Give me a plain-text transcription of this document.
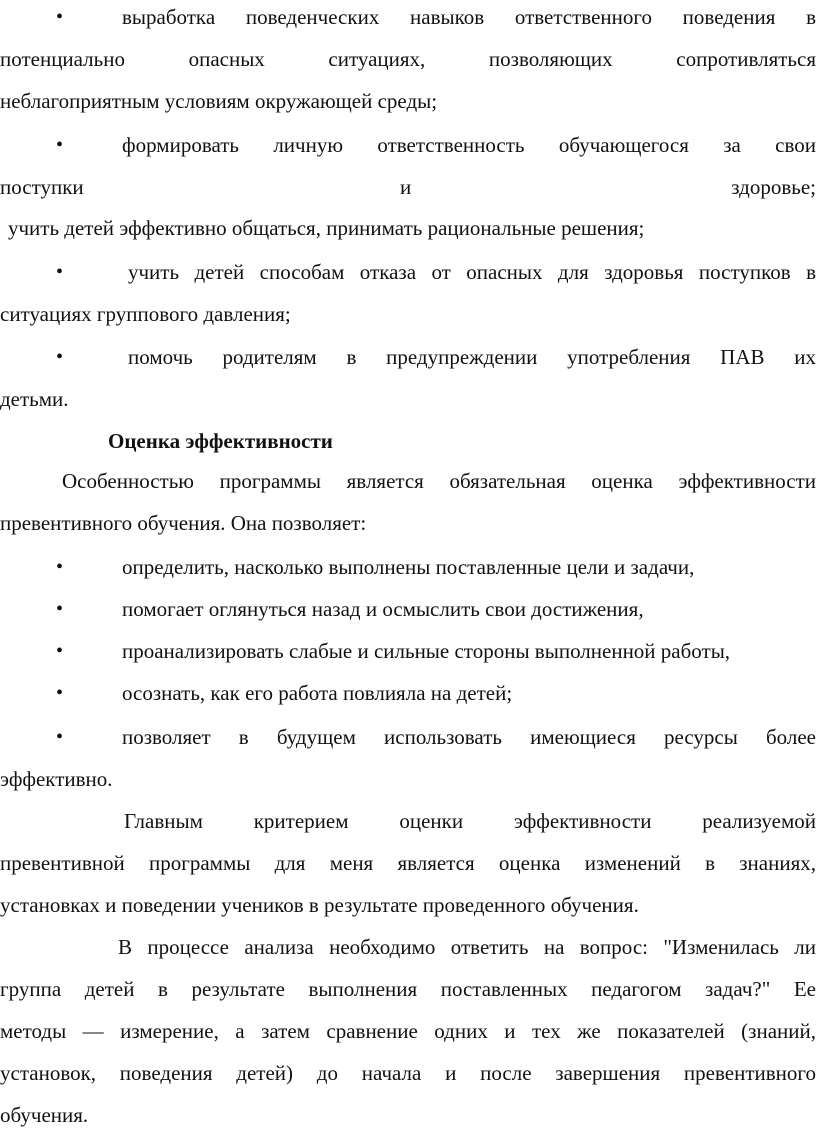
•	выработка поведенческих навыков ответственного поведения в
потенциально опасных ситуациях, позволяющих сопротивляться
неблагоприятным условиям окружающей среды;
•	формировать личную ответственность обучающегося за свои
поступки	и	здоровье;
учить детей эффективно общаться, принимать рациональные решения;
•	учить детей способам отказа от опасных для здоровья поступков в
ситуациях группового давления;
•	помочь родителям в предупреждении употребления ПАВ их
детьми.
Оценка эффективности
Особенностью программы является обязательная оценка эффективности
превентивного обучения. Она позволяет:
•	определить, насколько выполнены поставленные цели и задачи,
•	помогает оглянуться назад и осмыслить свои достижения,
•	проанализировать слабые и сильные стороны выполненной работы,
•	осознать, как его работа повлияла на детей;
•	позволяет в будущем использовать имеющиеся ресурсы более
эффективно.
Главным критерием оценки эффективности реализуемой
превентивной программы для меня является оценка изменений в знаниях,
установках и поведении учеников в результате проведенного обучения.
В процессе анализа необходимо ответить на вопрос: "Изменилась ли
группа детей в результате выполнения поставленных педагогом задач?" Ее
методы — измерение, а затем сравнение одних и тех же показателей (знаний,
установок, поведения детей) до начала и после завершения превентивного
обучения.
